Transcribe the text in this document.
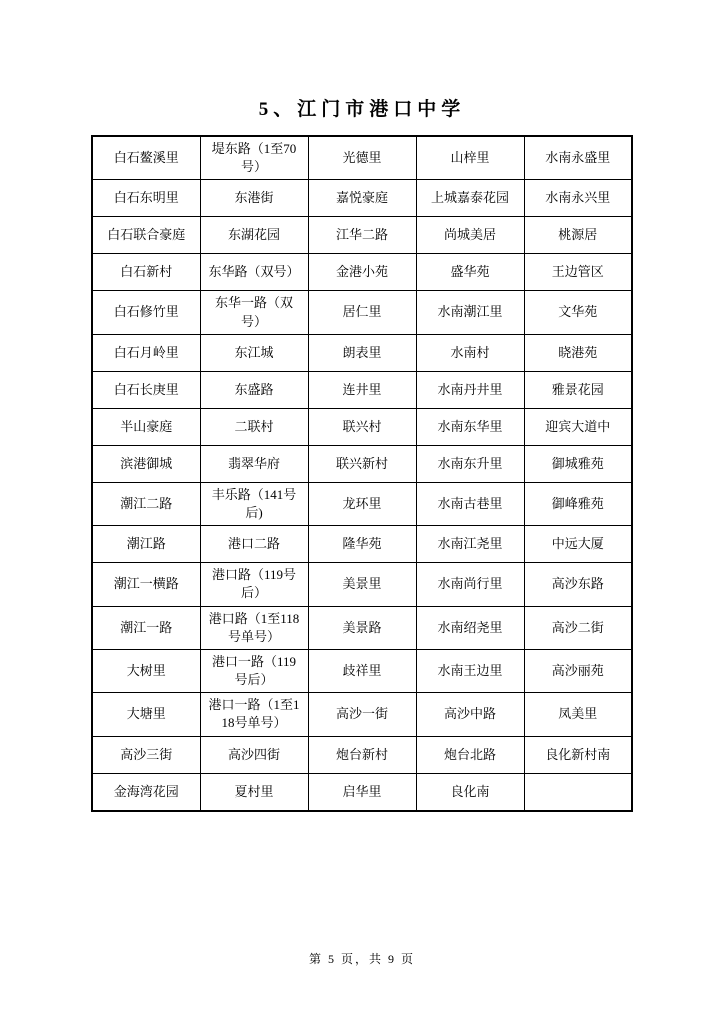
5、江门市港口中学
白石鳌溪里	堤东路（1至70号）	光德里	山梓里	水南永盛里
白石东明里	东港街	嘉悦豪庭	上城嘉泰花园	水南永兴里
白石联合豪庭	东湖花园	江华二路	尚城美居	桃源居
白石新村	东华路（双号）	金港小苑	盛华苑	王边管区
白石修竹里	东华一路（双号）	居仁里	水南潮江里	文华苑
白石月岭里	东江城	朗表里	水南村	晓港苑
白石长庚里	东盛路	连井里	水南丹井里	雅景花园
半山豪庭	二联村	联兴村	水南东华里	迎宾大道中
滨港御城	翡翠华府	联兴新村	水南东升里	御城雅苑
潮江二路	丰乐路（141号后)	龙环里	水南古巷里	御峰雅苑
潮江路	港口二路	隆华苑	水南江尧里	中远大厦
潮江一横路	港口路（119号后）	美景里	水南尚行里	高沙东路
潮江一路	港口路（1至118号单号）	美景路	水南绍尧里	高沙二街
大树里	港口一路（119号后）	歧祥里	水南王边里	高沙丽苑
大塘里	港口一路（1至118号单号）	高沙一街	高沙中路	凤美里
高沙三街	高沙四街	炮台新村	炮台北路	良化新村南
金海湾花园	夏村里	启华里	良化南	
第 5 页，共 9 页
